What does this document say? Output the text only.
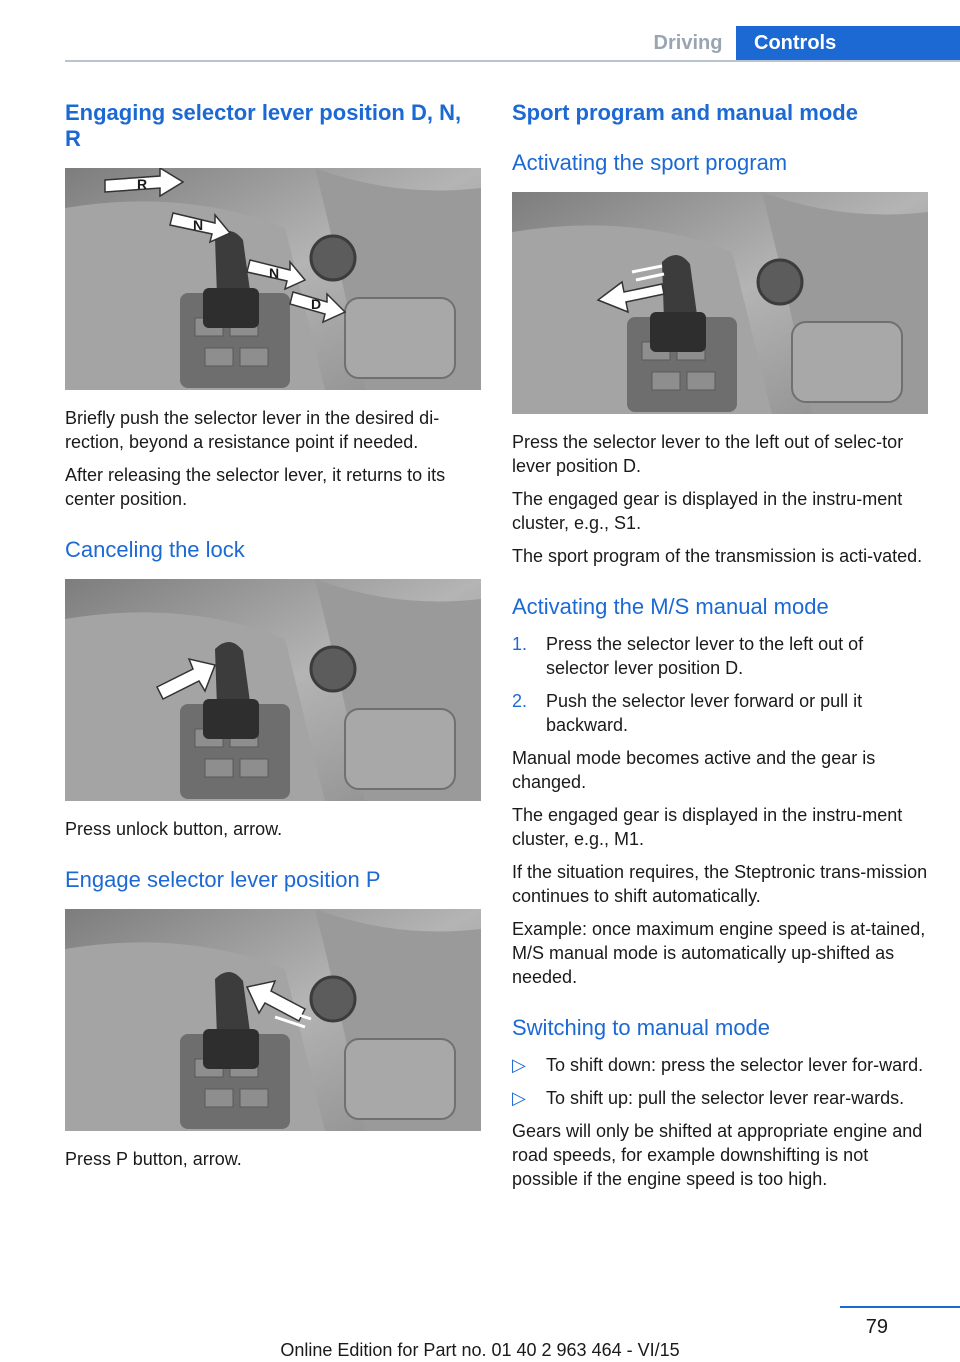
Driving	Controls
Engaging selector lever position D, N, R
R
N
N
D

Briefly push the selector lever in the desired di‐rection, beyond a resistance point if needed.

After releasing the selector lever, it returns to its center position.

Canceling the lock

Press unlock button, arrow.

Engage selector lever position P

Press P button, arrow.

Sport program and manual mode
Activating the sport program

Press the selector lever to the left out of selec‐tor lever position D.

The engaged gear is displayed in the instru‐ment cluster, e.g., S1.

The sport program of the transmission is acti‐vated.

Activating the M/S manual mode
1. Press the selector lever to the left out of selector lever position D.
2. Push the selector lever forward or pull it backward.

Manual mode becomes active and the gear is changed.

The engaged gear is displayed in the instru‐ment cluster, e.g., M1.

If the situation requires, the Steptronic trans‐mission continues to shift automatically.

Example: once maximum engine speed is at‐tained, M/S manual mode is automatically up‐shifted as needed.

Switching to manual mode
▷ To shift down: press the selector lever for‐ward.
▷ To shift up: pull the selector lever rear‐wards.

Gears will only be shifted at appropriate engine and road speeds, for example downshifting is not possible if the engine speed is too high.

79
Online Edition for Part no. 01 40 2 963 464 - VI/15
